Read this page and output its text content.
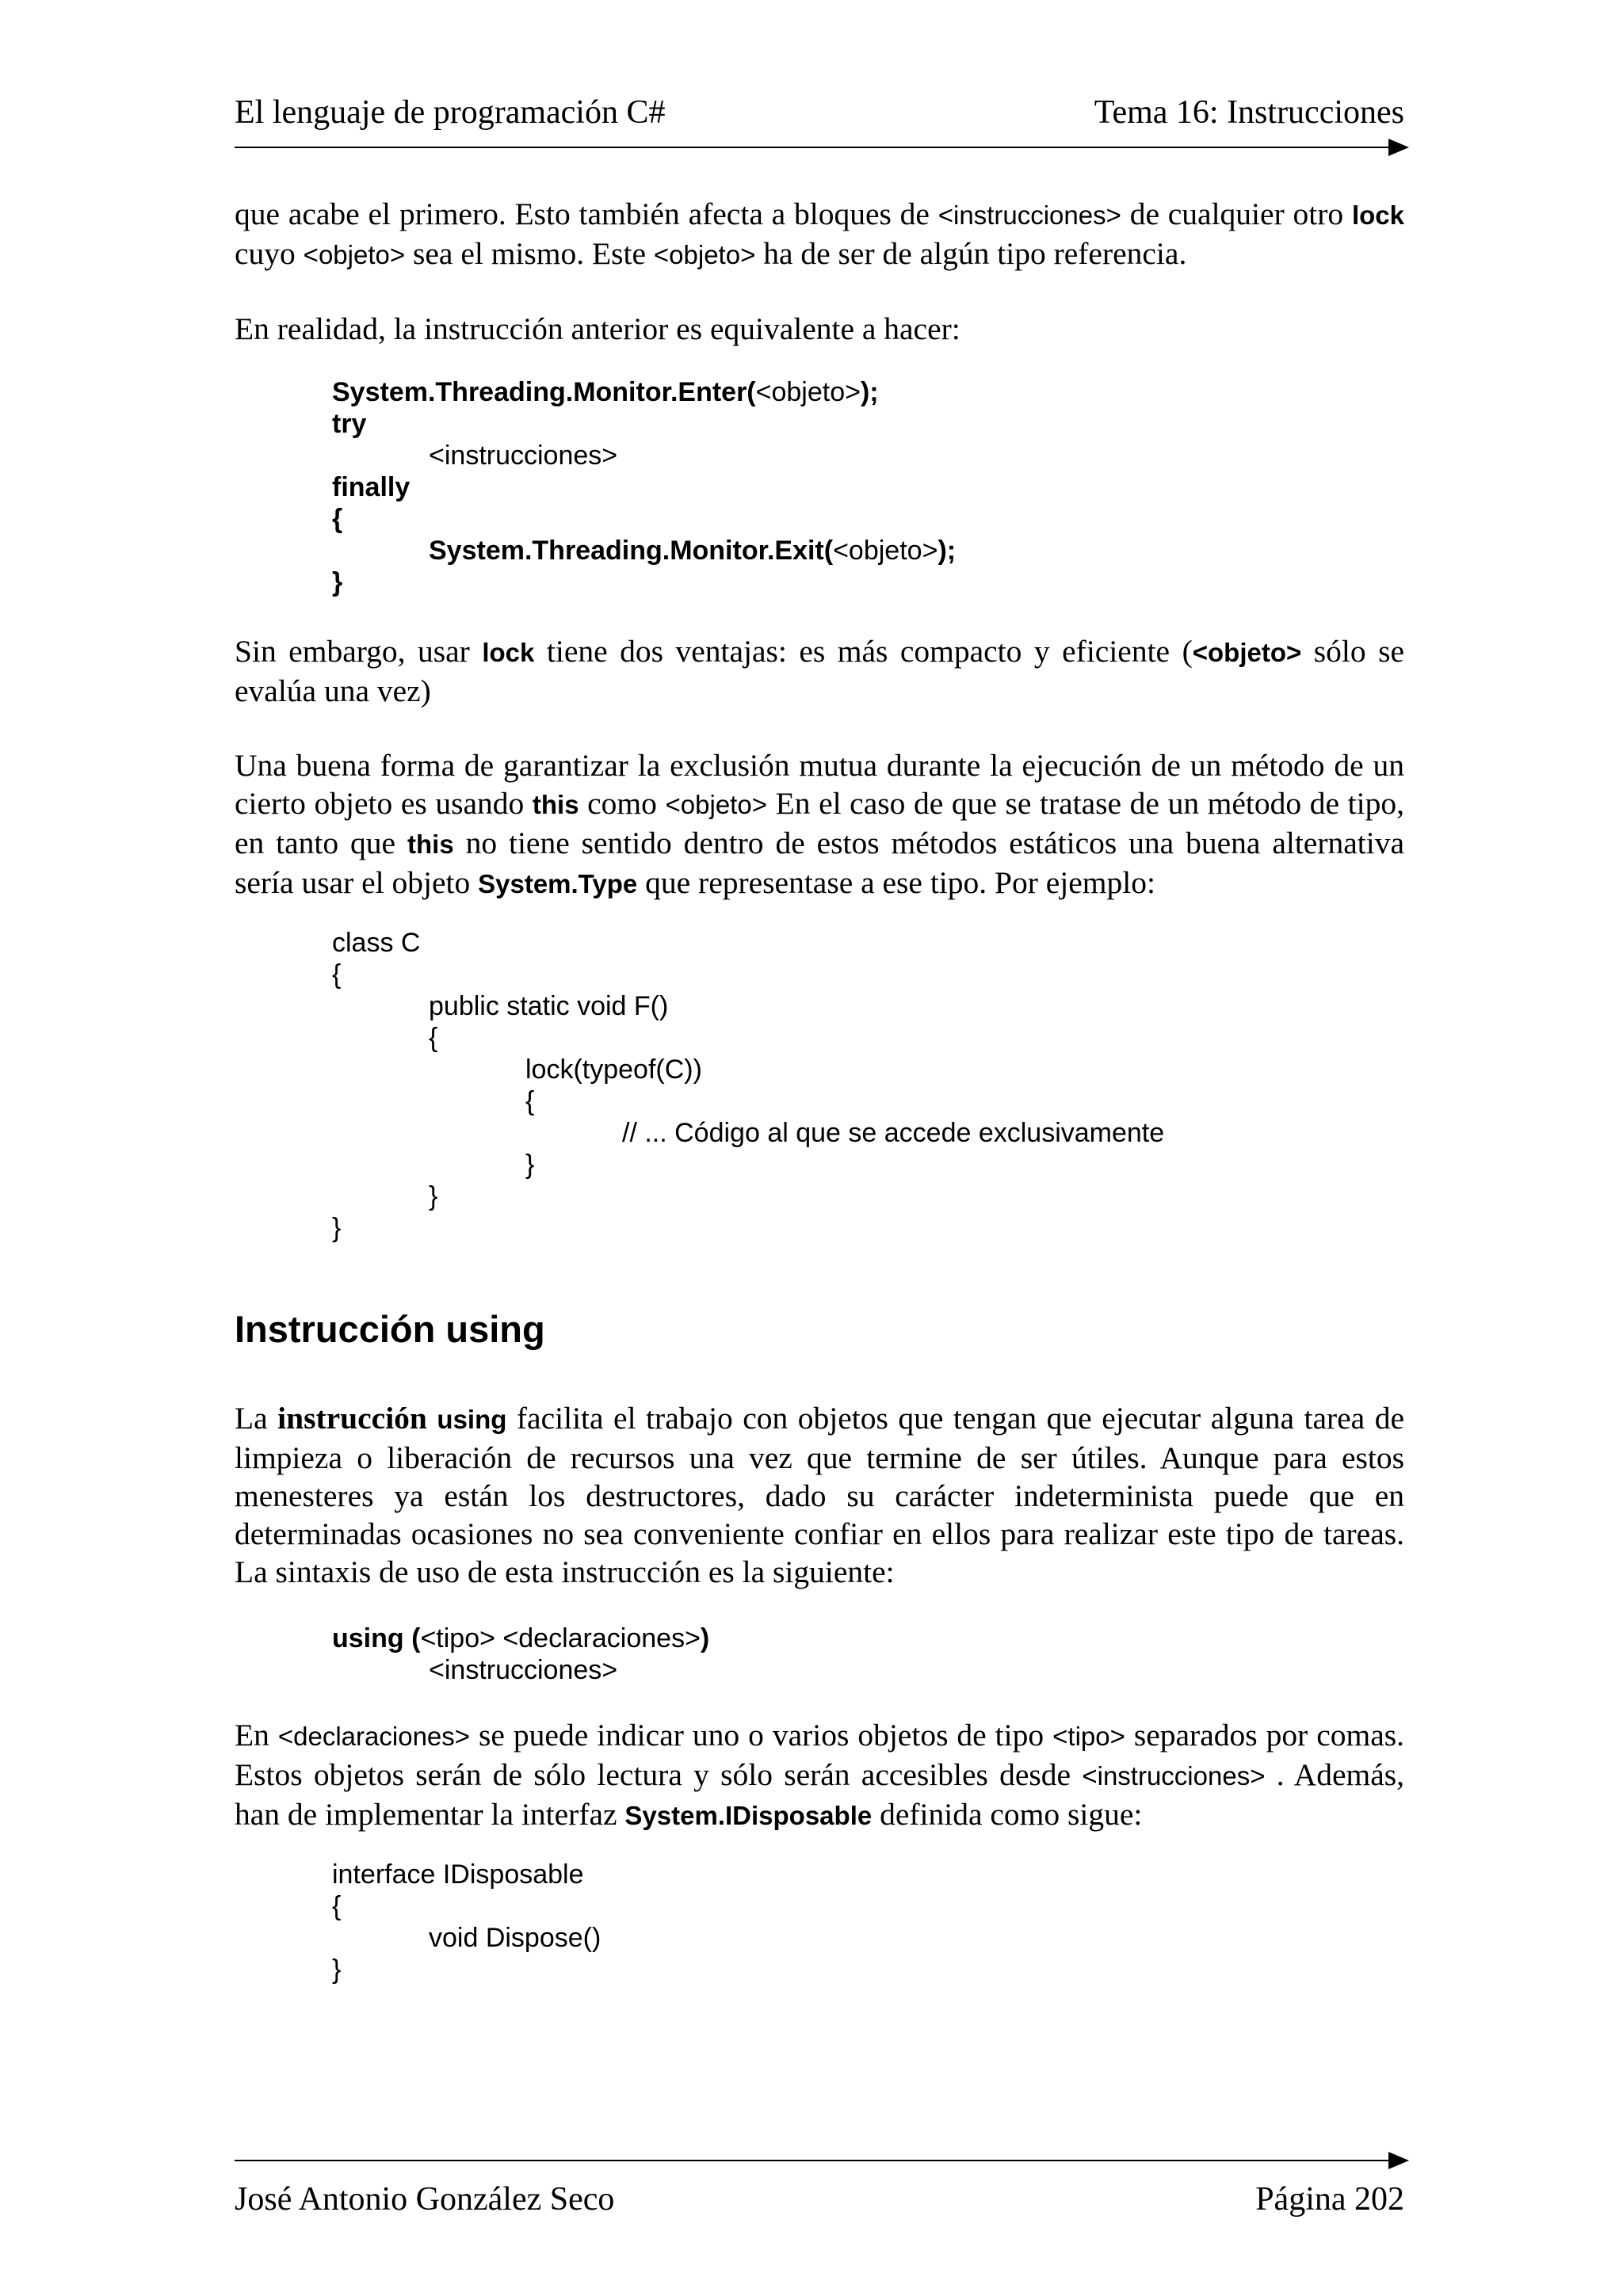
El lenguaje de programación C#	Tema 16: Instrucciones
que acabe el primero. Esto también afecta a bloques de <instrucciones> de cualquier otro lock cuyo <objeto> sea el mismo. Este <objeto> ha de ser de algún tipo referencia.
En realidad, la instrucción anterior es equivalente a hacer:
System.Threading.Monitor.Enter(<objeto>);
try
<instrucciones>
finally
{
System.Threading.Monitor.Exit(<objeto>);
}
Sin embargo, usar lock tiene dos ventajas: es más compacto y eficiente (<objeto> sólo se evalúa una vez)
Una buena forma de garantizar la exclusión mutua durante la ejecución de un método de un cierto objeto es usando this como <objeto> En el caso de que se tratase de un método de tipo, en tanto que this no tiene sentido dentro de estos métodos estáticos una buena alternativa sería usar el objeto System.Type que representase a ese tipo. Por ejemplo:
class C
{
public static void F()
{
lock(typeof(C))
{
// ... Código al que se accede exclusivamente
}
}
}
Instrucción using
La instrucción using facilita el trabajo con objetos que tengan que ejecutar alguna tarea de limpieza o liberación de recursos una vez que termine de ser útiles. Aunque para estos menesteres ya están los destructores, dado su carácter indeterminista puede que en determinadas ocasiones no sea conveniente confiar en ellos para realizar este tipo de tareas. La sintaxis de uso de esta instrucción es la siguiente:
using (<tipo> <declaraciones>)
<instrucciones>
En <declaraciones> se puede indicar uno o varios objetos de tipo <tipo> separados por comas. Estos objetos serán de sólo lectura y sólo serán accesibles desde <instrucciones> . Además, han de implementar la interfaz System.IDisposable definida como sigue:
interface IDisposable
{
void Dispose()
}
José Antonio González Seco	Página 202
